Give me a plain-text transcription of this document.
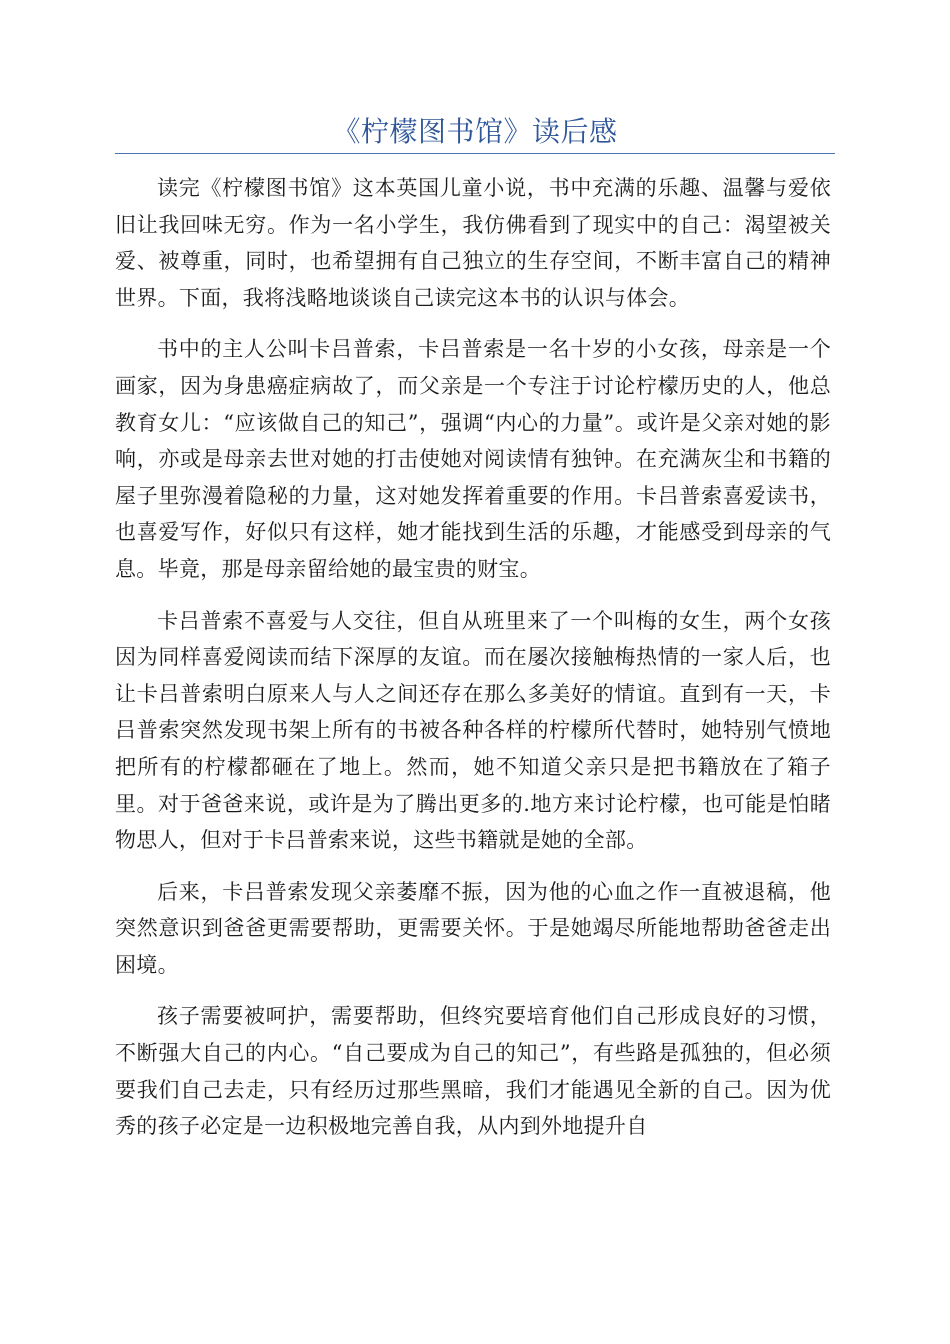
《柠檬图书馆》读后感

读完《柠檬图书馆》这本英国儿童小说，书中充满的乐趣、温馨与爱依旧让我回味无穷。作为一名小学生，我仿佛看到了现实中的自己：渴望被关爱、被尊重，同时，也希望拥有自己独立的生存空间，不断丰富自己的精神世界。下面，我将浅略地谈谈自己读完这本书的认识与体会。

书中的主人公叫卡吕普索，卡吕普索是一名十岁的小女孩，母亲是一个画家，因为身患癌症病故了，而父亲是一个专注于讨论柠檬历史的人，他总教育女儿：“应该做自己的知己”，强调“内心的力量”。或许是父亲对她的影响，亦或是母亲去世对她的打击使她对阅读情有独钟。在充满灰尘和书籍的屋子里弥漫着隐秘的力量，这对她发挥着重要的作用。卡吕普索喜爱读书，也喜爱写作，好似只有这样，她才能找到生活的乐趣，才能感受到母亲的气息。毕竟，那是母亲留给她的最宝贵的财宝。

卡吕普索不喜爱与人交往，但自从班里来了一个叫梅的女生，两个女孩因为同样喜爱阅读而结下深厚的友谊。而在屡次接触梅热情的一家人后，也让卡吕普索明白原来人与人之间还存在那么多美好的情谊。直到有一天，卡吕普索突然发现书架上所有的书被各种各样的柠檬所代替时，她特别气愤地把所有的柠檬都砸在了地上。然而，她不知道父亲只是把书籍放在了箱子里。对于爸爸来说，或许是为了腾出更多的.地方来讨论柠檬，也可能是怕睹物思人，但对于卡吕普索来说，这些书籍就是她的全部。

后来，卡吕普索发现父亲萎靡不振，因为他的心血之作一直被退稿，他突然意识到爸爸更需要帮助，更需要关怀。于是她竭尽所能地帮助爸爸走出困境。

孩子需要被呵护，需要帮助，但终究要培育他们自己形成良好的习惯，不断强大自己的内心。“自己要成为自己的知己”，有些路是孤独的，但必须要我们自己去走，只有经历过那些黑暗，我们才能遇见全新的自己。因为优秀的孩子必定是一边积极地完善自我，从内到外地提升自
